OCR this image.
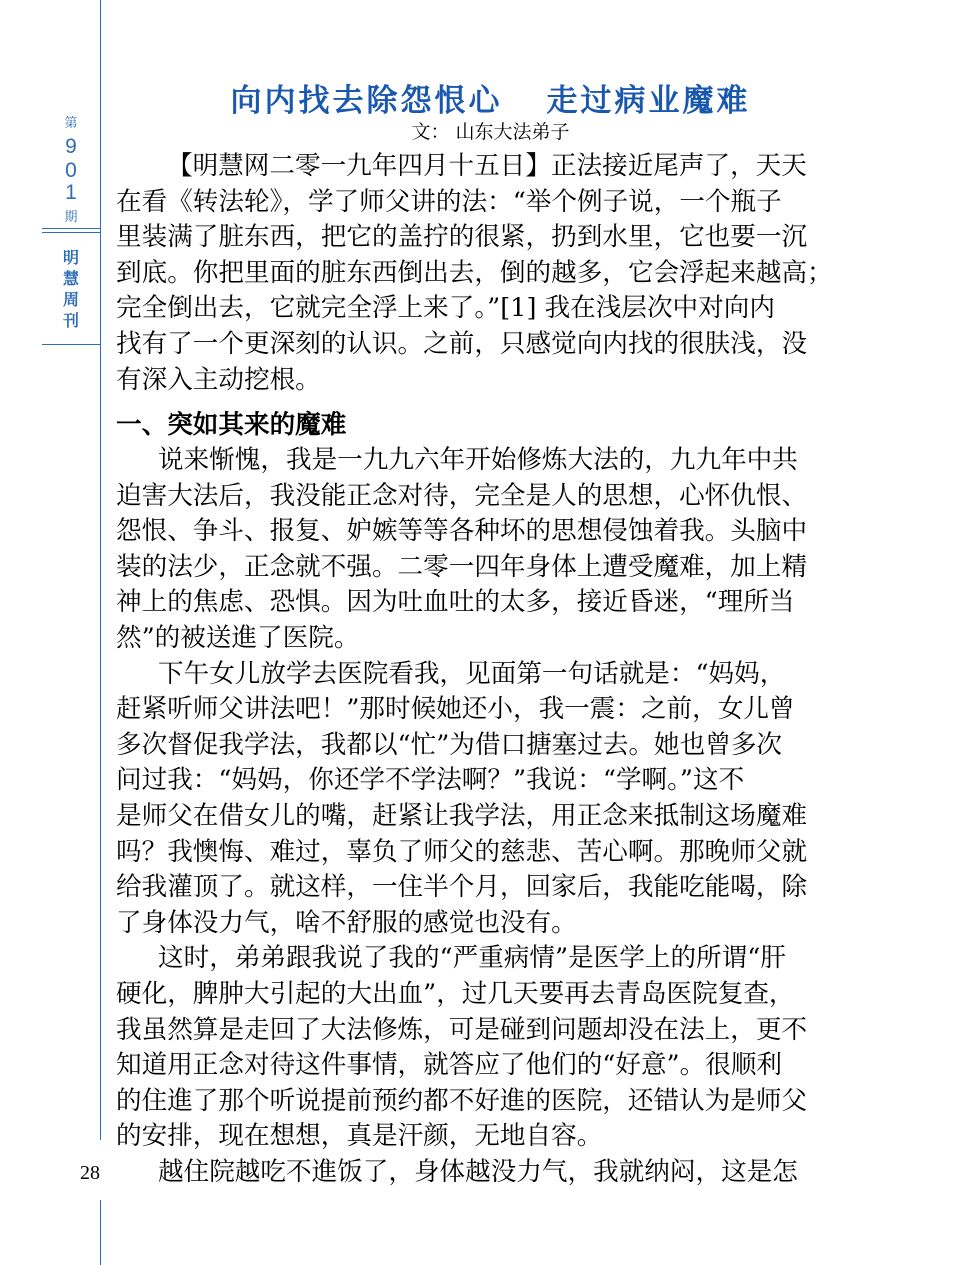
第
9
0
1
期
明
慧
周
刊
28
向内找去除怨恨心 走过病业魔难
文： 山东大法弟子
【明慧网二零一九年四月十五日】正法接近尾声了，天天
在看《转法轮》，学了师父讲的法：“举个例子说，一个瓶子
里装满了脏东西，把它的盖拧的很紧，扔到水里，它也要一沉
到底。你把里面的脏东西倒出去，倒的越多，它会浮起来越高；
完全倒出去，它就完全浮上来了。”[1] 我在浅层次中对向内
找有了一个更深刻的认识。之前，只感觉向内找的很肤浅，没
有深入主动挖根。
一、突如其来的魔难
说来惭愧，我是一九九六年开始修炼大法的，九九年中共
迫害大法后，我没能正念对待，完全是人的思想，心怀仇恨、
怨恨、争斗、报复、妒嫉等等各种坏的思想侵蚀着我。头脑中
装的法少，正念就不强。二零一四年身体上遭受魔难，加上精
神上的焦虑、恐惧。因为吐血吐的太多，接近昏迷，“理所当
然”的被送進了医院。
下午女儿放学去医院看我，见面第一句话就是：“妈妈，
赶紧听师父讲法吧！”那时候她还小，我一震：之前，女儿曾
多次督促我学法，我都以“忙”为借口搪塞过去。她也曾多次
问过我：“妈妈，你还学不学法啊？”我说：“学啊。”这不
是师父在借女儿的嘴，赶紧让我学法，用正念来抵制这场魔难
吗？我懊悔、难过，辜负了师父的慈悲、苦心啊。那晚师父就
给我灌顶了。就这样，一住半个月，回家后，我能吃能喝，除
了身体没力气，啥不舒服的感觉也没有。
这时，弟弟跟我说了我的“严重病情”是医学上的所谓“肝
硬化，脾肿大引起的大出血”，过几天要再去青岛医院复查，
我虽然算是走回了大法修炼，可是碰到问题却没在法上，更不
知道用正念对待这件事情，就答应了他们的“好意”。很顺利
的住進了那个听说提前预约都不好進的医院，还错认为是师父
的安排，现在想想，真是汗颜，无地自容。
越住院越吃不進饭了，身体越没力气，我就纳闷，这是怎
